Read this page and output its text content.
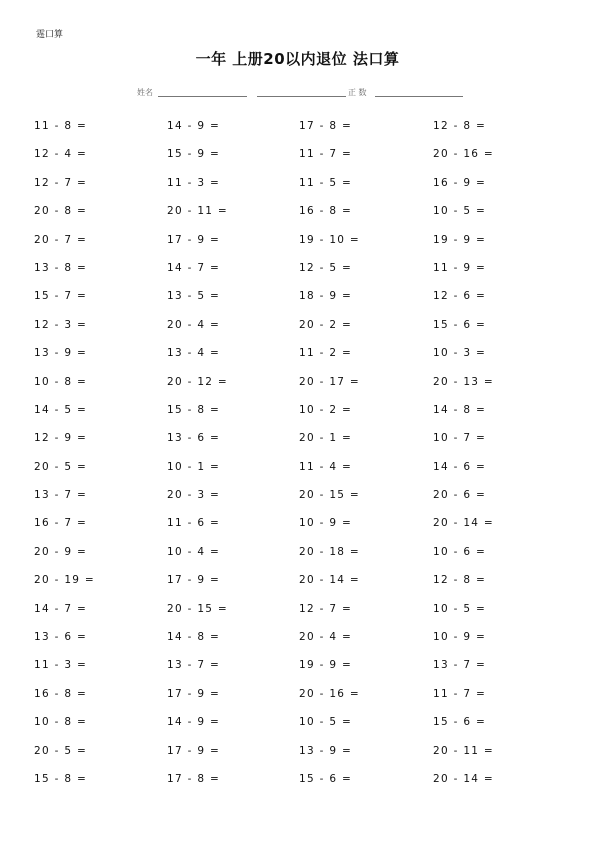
霆口算
一年 上册20以内退位 法口算
姓名	正 数
11 - 8 =	14 - 9 =	17 - 8 =	12 - 8 =
12 - 4 =	15 - 9 =	11 - 7 =	20 - 16 =
12 - 7 =	11 - 3 =	11 - 5 =	16 - 9 =
20 - 8 =	20 - 11 =	16 - 8 =	10 - 5 =
20 - 7 =	17 - 9 =	19 - 10 =	19 - 9 =
13 - 8 =	14 - 7 =	12 - 5 =	11 - 9 =
15 - 7 =	13 - 5 =	18 - 9 =	12 - 6 =
12 - 3 =	20 - 4 =	20 - 2 =	15 - 6 =
13 - 9 =	13 - 4 =	11 - 2 =	10 - 3 =
10 - 8 =	20 - 12 =	20 - 17 =	20 - 13 =
14 - 5 =	15 - 8 =	10 - 2 =	14 - 8 =
12 - 9 =	13 - 6 =	20 - 1 =	10 - 7 =
20 - 5 =	10 - 1 =	11 - 4 =	14 - 6 =
13 - 7 =	20 - 3 =	20 - 15 =	20 - 6 =
16 - 7 =	11 - 6 =	10 - 9 =	20 - 14 =
20 - 9 =	10 - 4 =	20 - 18 =	10 - 6 =
20 - 19 =	17 - 9 =	20 - 14 =	12 - 8 =
14 - 7 =	20 - 15 =	12 - 7 =	10 - 5 =
13 - 6 =	14 - 8 =	20 - 4 =	10 - 9 =
11 - 3 =	13 - 7 =	19 - 9 =	13 - 7 =
16 - 8 =	17 - 9 =	20 - 16 =	11 - 7 =
10 - 8 =	14 - 9 =	10 - 5 =	15 - 6 =
20 - 5 =	17 - 9 =	13 - 9 =	20 - 11 =
15 - 8 =	17 - 8 =	15 - 6 =	20 - 14 =
